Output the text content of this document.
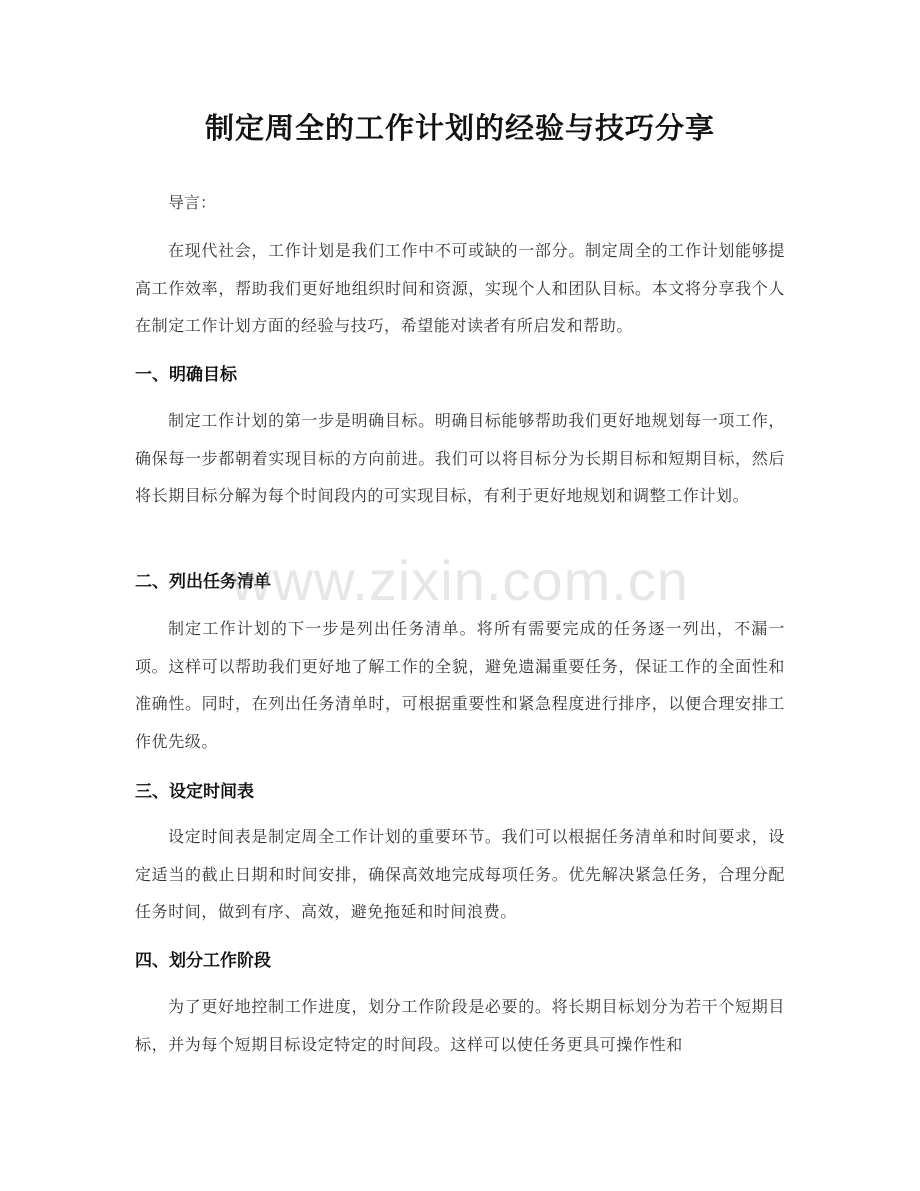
制定周全的工作计划的经验与技巧分享
导言：
在现代社会，工作计划是我们工作中不可或缺的一部分。制定周全的工作计划能够提高工作效率，帮助我们更好地组织时间和资源，实现个人和团队目标。本文将分享我个人在制定工作计划方面的经验与技巧，希望能对读者有所启发和帮助。
一、明确目标
制定工作计划的第一步是明确目标。明确目标能够帮助我们更好地规划每一项工作，确保每一步都朝着实现目标的方向前进。我们可以将目标分为长期目标和短期目标，然后将长期目标分解为每个时间段内的可实现目标，有利于更好地规划和调整工作计划。
二、列出任务清单
制定工作计划的下一步是列出任务清单。将所有需要完成的任务逐一列出，不漏一项。这样可以帮助我们更好地了解工作的全貌，避免遗漏重要任务，保证工作的全面性和准确性。同时，在列出任务清单时，可根据重要性和紧急程度进行排序，以便合理安排工作优先级。
三、设定时间表
设定时间表是制定周全工作计划的重要环节。我们可以根据任务清单和时间要求，设定适当的截止日期和时间安排，确保高效地完成每项任务。优先解决紧急任务，合理分配任务时间，做到有序、高效，避免拖延和时间浪费。
四、划分工作阶段
为了更好地控制工作进度，划分工作阶段是必要的。将长期目标划分为若干个短期目标，并为每个短期目标设定特定的时间段。这样可以使任务更具可操作性和
www.zixin.com.cn
